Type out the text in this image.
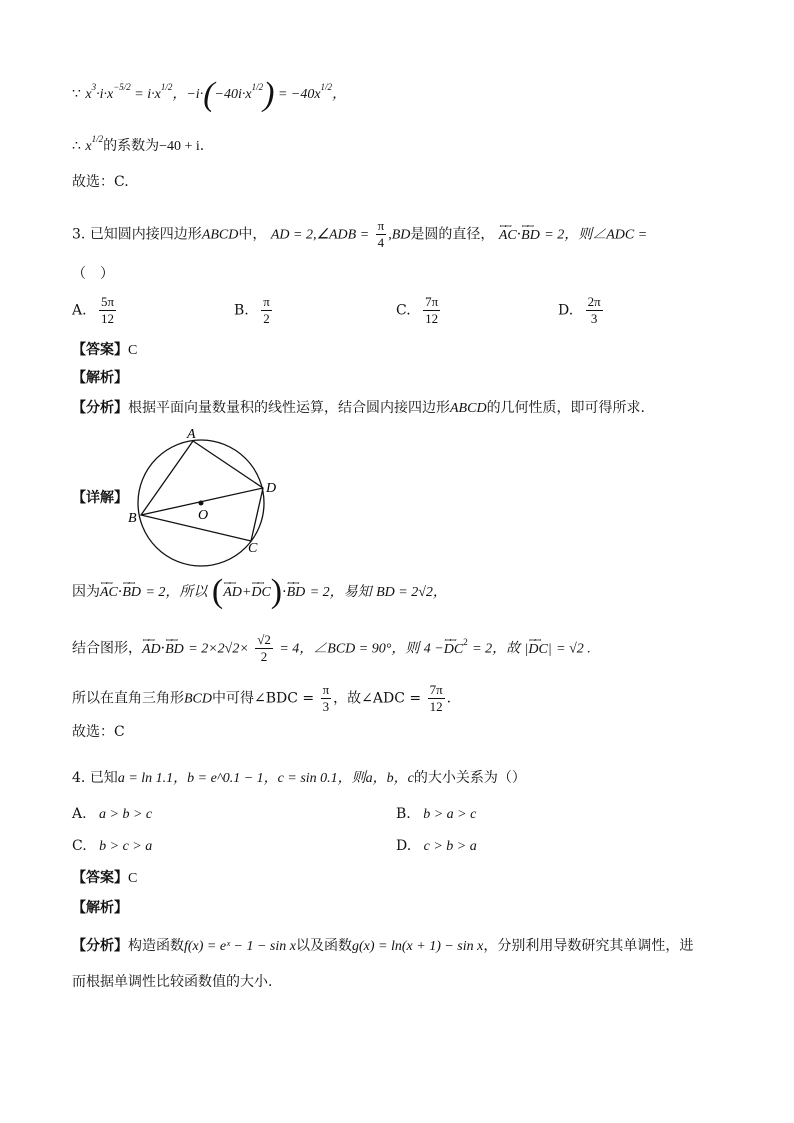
∵ $x^3\cdot i\cdot x^{-5/2} = i\cdot x^{1/2}$，$-i\cdot(-40i\cdot x^{1/2}) = -40x^{1/2}$，
∴ $x^{1/2}$的系数为−40 + i.
故选：C.
3. 已知圆内接四边形ABCD中， AD = 2,∠ADB = $\frac{\pi}{4} ,BD$是圆的直径， ꟷꟷ AC·ꟷꟷ BD = 2，则∠ADC =
（　）
A. $\frac{5\pi}{12}$	B. $\frac{\pi}{2}$	C. $\frac{7\pi}{12}$	D. $\frac{2\pi}{3}$
【答案】C
【解析】
【分析】根据平面向量数量积的线性运算，结合圆内接四边形ABCD的几何性质，即可得所求.
【详解】
A
B
C
D
O
因为ꟷꟷ AC·ꟷꟷ BD = 2，所以 (ꟷꟷ AD+ꟷꟷ DC)·ꟷꟷ BD = 2，易知 BD = 2√2，
结合图形，ꟷꟷ AD·ꟷꟷ BD = $2\times 2√2\times \frac{√2}{2} = 4$，∠BCD = 90°，则 4 −ꟷꟷ $DC^2 = 2$，故 |ꟷꟷ DC| = √2 .
所以在直角三角形BCD中可得∠BDC = $\frac{\pi}{3}$ ，故∠ADC = $\frac{7\pi}{12}$ .
故选：C
4. 已知a = ln 1.1，b = e^0.1 − 1，c = sin 0.1，则a，b，c的大小关系为（）
A. a > b > c	B. b > a > c
C. b > c > a	D. c > b > a
【答案】C
【解析】
【分析】构造函数f(x) = eˣ − 1 − sin x以及函数g(x) = ln(x + 1) − sin x，分别利用导数研究其单调性，进
而根据单调性比较函数值的大小.
